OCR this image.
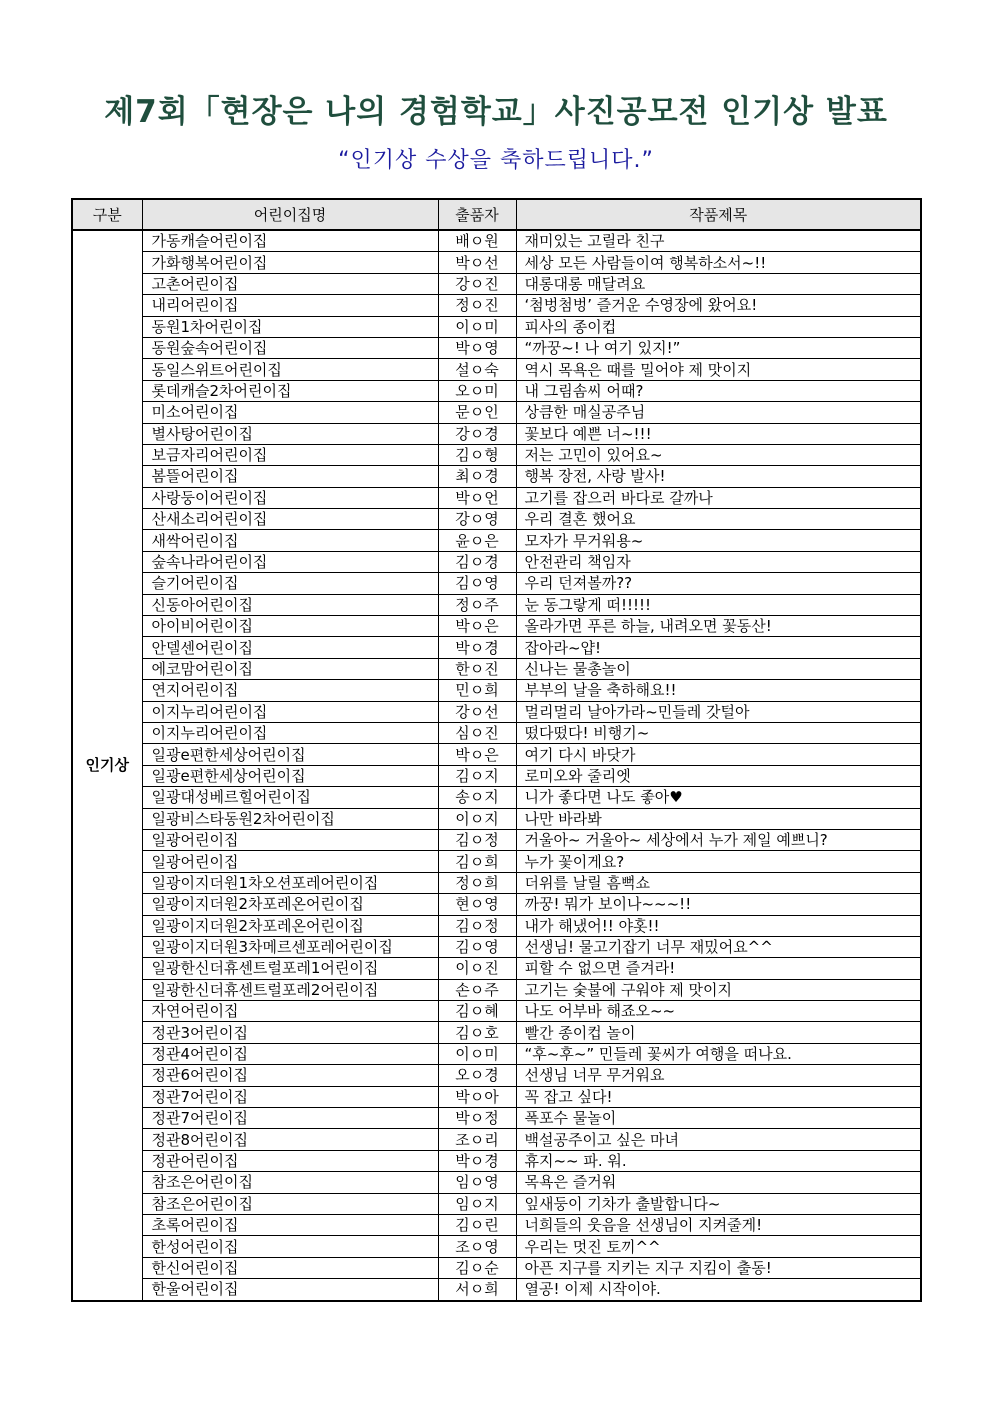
제7회「현장은 나의 경험학교」사진공모전 인기상 발표
“인기상 수상을 축하드립니다.”
구분	어린이집명	출품자	작품제목
인기상	가동캐슬어린이집	배ㅇ원	재미있는 고릴라 친구
	가화행복어린이집	박ㅇ선	세상 모든 사람들이여 행복하소서~!!
	고촌어린이집	강ㅇ진	대롱대롱 매달려요
	내리어린이집	정ㅇ진	‘첨벙첨벙’ 즐거운 수영장에 왔어요!
	동원1차어린이집	이ㅇ미	피사의 종이컵
	동원숲속어린이집	박ㅇ영	“까꿍~! 나 여기 있지!”
	동일스위트어린이집	설ㅇ숙	역시 목욕은 때를 밀어야 제 맛이지
	롯데캐슬2차어린이집	오ㅇ미	내 그림솜씨 어때?
	미소어린이집	문ㅇ인	상큼한 매실공주님
	별사탕어린이집	강ㅇ경	꽃보다 예쁜 너~!!!
	보금자리어린이집	김ㅇ형	저는 고민이 있어요~
	봄뜰어린이집	최ㅇ경	행복 장전, 사랑 발사!
	사랑둥이어린이집	박ㅇ언	고기를 잡으러 바다로 갈까나
	산새소리어린이집	강ㅇ영	우리 결혼 했어요
	새싹어린이집	윤ㅇ은	모자가 무거워용~
	숲속나라어린이집	김ㅇ경	안전관리 책임자
	슬기어린이집	김ㅇ영	우리 던져볼까??
	신동아어린이집	정ㅇ주	눈 동그랗게 떠!!!!!
	아이비어린이집	박ㅇ은	올라가면 푸른 하늘, 내려오면 꽃동산!
	안델센어린이집	박ㅇ경	잡아라~얍!
	에코맘어린이집	한ㅇ진	신나는 물총놀이
	연지어린이집	민ㅇ희	부부의 날을 축하해요!!
	이지누리어린이집	강ㅇ선	멀리멀리 날아가라~민들레 갓털아
	이지누리어린이집	심ㅇ진	떴다떴다! 비행기~
	일광e편한세상어린이집	박ㅇ은	여기 다시 바닷가
	일광e편한세상어린이집	김ㅇ지	로미오와 줄리엣
	일광대성베르힐어린이집	송ㅇ지	니가 좋다면 나도 좋아♥
	일광비스타동원2차어린이집	이ㅇ지	나만 바라봐
	일광어린이집	김ㅇ정	거울아~ 거울아~ 세상에서 누가 제일 예쁘니?
	일광어린이집	김ㅇ희	누가 꽃이게요?
	일광이지더원1차오션포레어린이집	정ㅇ희	더위를 날릴 흠뻑쇼
	일광이지더원2차포레온어린이집	현ㅇ영	까꿍! 뭐가 보이나~~~!!
	일광이지더원2차포레온어린이집	김ㅇ정	내가 해냈어!! 야홋!!
	일광이지더원3차메르센포레어린이집	김ㅇ영	선생님! 물고기잡기 너무 재밌어요^^
	일광한신더휴센트럴포레1어린이집	이ㅇ진	피할 수 없으면 즐겨라!
	일광한신더휴센트럴포레2어린이집	손ㅇ주	고기는 숯불에 구워야 제 맛이지
	자연어린이집	김ㅇ혜	나도 어부바 해죠오~~
	정관3어린이집	김ㅇ호	빨간 종이컵 놀이
	정관4어린이집	이ㅇ미	“후~후~” 민들레 꽃씨가 여행을 떠나요.
	정관6어린이집	오ㅇ경	선생님 너무 무거워요
	정관7어린이집	박ㅇ아	꼭 잡고 싶다!
	정관7어린이집	박ㅇ정	폭포수 물놀이
	정관8어린이집	조ㅇ리	백설공주이고 싶은 마녀
	정관어린이집	박ㅇ경	휴지~~ 파. 워.
	참조은어린이집	임ㅇ영	목욕은 즐거워
	참조은어린이집	임ㅇ지	잎새둥이 기차가 출발합니다~
	초록어린이집	김ㅇ린	너희들의 웃음을 선생님이 지켜줄게!
	한성어린이집	조ㅇ영	우리는 멋진 토끼^^
	한신어린이집	김ㅇ순	아픈 지구를 지키는 지구 지킴이 출동!
	한울어린이집	서ㅇ희	열공! 이제 시작이야.
